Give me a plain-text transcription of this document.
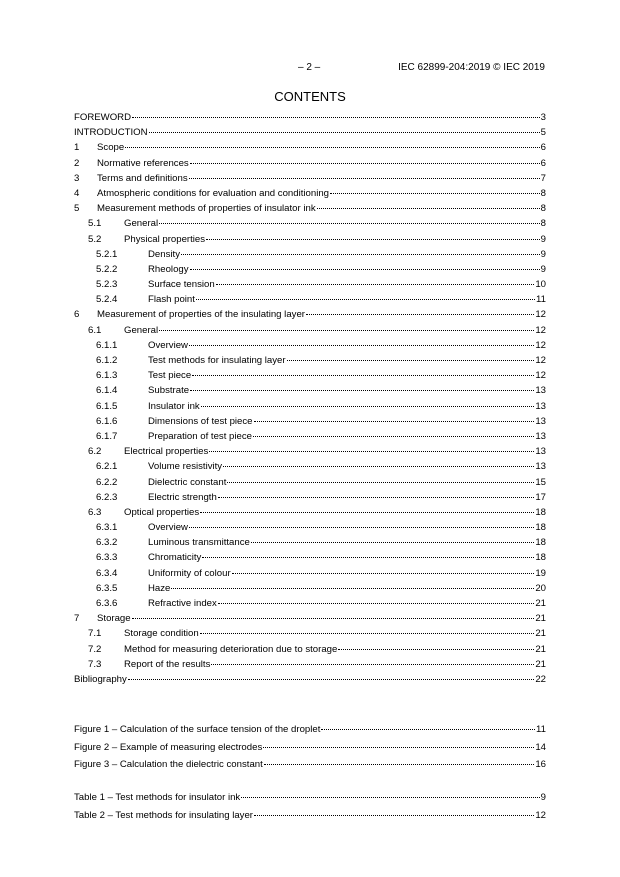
– 2 –	IEC 62899-204:2019 © IEC 2019
CONTENTS
FOREWORD	3
INTRODUCTION	5
1	Scope	6
2	Normative references	6
3	Terms and definitions	7
4	Atmospheric conditions for evaluation and conditioning	8
5	Measurement methods of properties of insulator ink	8
5.1	General	8
5.2	Physical properties	9
5.2.1	Density	9
5.2.2	Rheology	9
5.2.3	Surface tension	10
5.2.4	Flash point	11
6	Measurement of properties of the insulating layer	12
6.1	General	12
6.1.1	Overview	12
6.1.2	Test methods for insulating layer	12
6.1.3	Test piece	12
6.1.4	Substrate	13
6.1.5	Insulator ink	13
6.1.6	Dimensions of test piece	13
6.1.7	Preparation of test piece	13
6.2	Electrical properties	13
6.2.1	Volume resistivity	13
6.2.2	Dielectric constant	15
6.2.3	Electric strength	17
6.3	Optical properties	18
6.3.1	Overview	18
6.3.2	Luminous transmittance	18
6.3.3	Chromaticity	18
6.3.4	Uniformity of colour	19
6.3.5	Haze	20
6.3.6	Refractive index	21
7	Storage	21
7.1	Storage condition	21
7.2	Method for measuring deterioration due to storage	21
7.3	Report of the results	21
Bibliography	22
Figure 1 – Calculation of the surface tension of the droplet	11
Figure 2 – Example of measuring electrodes	14
Figure 3 – Calculation the dielectric constant	16
Table 1 – Test methods for insulator ink	9
Table 2 – Test methods for insulating layer	12
